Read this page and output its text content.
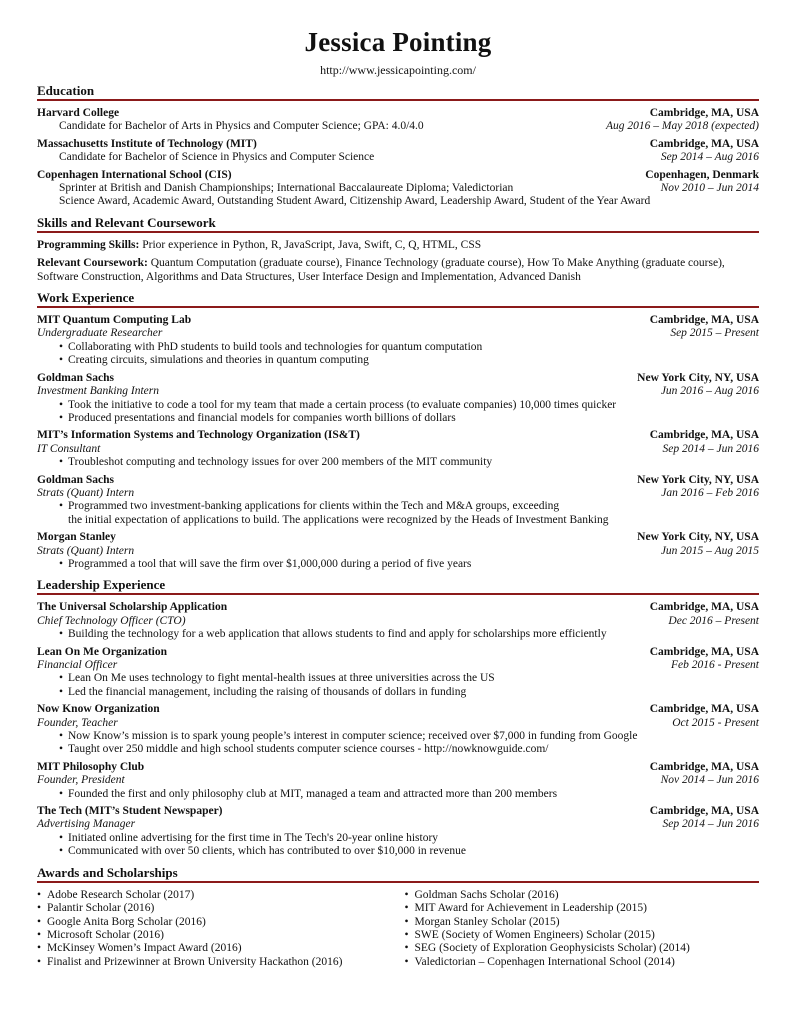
Jessica Pointing
http://www.jessicapointing.com/
Education
Harvard College	Cambridge, MA, USA
Candidate for Bachelor of Arts in Physics and Computer Science; GPA: 4.0/4.0	Aug 2016 – May 2018 (expected)
Massachusetts Institute of Technology (MIT)	Cambridge, MA, USA
Candidate for Bachelor of Science in Physics and Computer Science	Sep 2014 – Aug 2016
Copenhagen International School (CIS)	Copenhagen, Denmark
Sprinter at British and Danish Championships; International Baccalaureate Diploma; Valedictorian	Nov 2010 – Jun 2014
Science Award, Academic Award, Outstanding Student Award, Citizenship Award, Leadership Award, Student of the Year Award
Skills and Relevant Coursework
Programming Skills: Prior experience in Python, R, JavaScript, Java, Swift, C, Q, HTML, CSS
Relevant Coursework: Quantum Computation (graduate course), Finance Technology (graduate course), How To Make Anything (graduate course), Software Construction, Algorithms and Data Structures, User Interface Design and Implementation, Advanced Danish
Work Experience
MIT Quantum Computing Lab	Cambridge, MA, USA
Undergraduate Researcher	Sep 2015 – Present
• Collaborating with PhD students to build tools and technologies for quantum computation
• Creating circuits, simulations and theories in quantum computing
Goldman Sachs	New York City, NY, USA
Investment Banking Intern	Jun 2016 – Aug 2016
• Took the initiative to code a tool for my team that made a certain process (to evaluate companies) 10,000 times quicker
• Produced presentations and financial models for companies worth billions of dollars
MIT’s Information Systems and Technology Organization (IS&T)	Cambridge, MA, USA
IT Consultant	Sep 2014 – Jun 2016
• Troubleshot computing and technology issues for over 200 members of the MIT community
Goldman Sachs	New York City, NY, USA
Strats (Quant) Intern	Jan 2016 – Feb 2016
• Programmed two investment-banking applications for clients within the Tech and M&A groups, exceeding
the initial expectation of applications to build. The applications were recognized by the Heads of Investment Banking
Morgan Stanley	New York City, NY, USA
Strats (Quant) Intern	Jun 2015 – Aug 2015
• Programmed a tool that will save the firm over $1,000,000 during a period of five years
Leadership Experience
The Universal Scholarship Application	Cambridge, MA, USA
Chief Technology Officer (CTO)	Dec 2016 – Present
• Building the technology for a web application that allows students to find and apply for scholarships more efficiently
Lean On Me Organization	Cambridge, MA, USA
Financial Officer	Feb 2016 - Present
• Lean On Me uses technology to fight mental-health issues at three universities across the US
• Led the financial management, including the raising of thousands of dollars in funding
Now Know Organization	Cambridge, MA, USA
Founder, Teacher	Oct 2015 - Present
• Now Know’s mission is to spark young people’s interest in computer science; received over $7,000 in funding from Google
• Taught over 250 middle and high school students computer science courses - http://nowknowguide.com/
MIT Philosophy Club	Cambridge, MA, USA
Founder, President	Nov 2014 – Jun 2016
• Founded the first and only philosophy club at MIT, managed a team and attracted more than 200 members
The Tech (MIT’s Student Newspaper)	Cambridge, MA, USA
Advertising Manager	Sep 2014 – Jun 2016
• Initiated online advertising for the first time in The Tech's 20-year online history
• Communicated with over 50 clients, which has contributed to over $10,000 in revenue
Awards and Scholarships
• Adobe Research Scholar (2017)
• Palantir Scholar (2016)
• Google Anita Borg Scholar (2016)
• Microsoft Scholar (2016)
• McKinsey Women’s Impact Award (2016)
• Finalist and Prizewinner at Brown University Hackathon (2016)
• Goldman Sachs Scholar (2016)
• MIT Award for Achievement in Leadership (2015)
• Morgan Stanley Scholar (2015)
• SWE (Society of Women Engineers) Scholar (2015)
• SEG (Society of Exploration Geophysicists Scholar) (2014)
• Valedictorian – Copenhagen International School (2014)
